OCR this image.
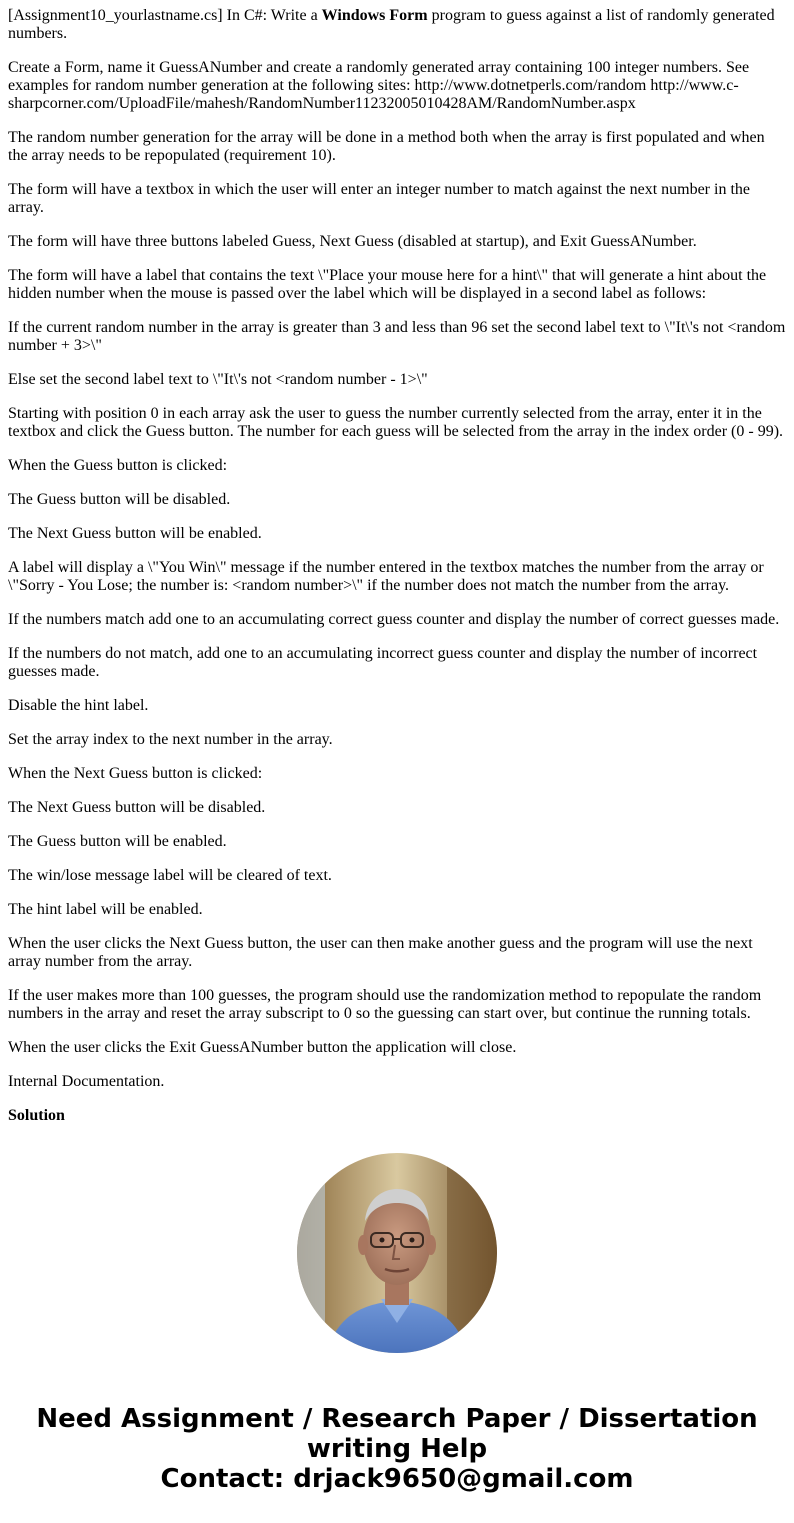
[Assignment10_yourlastname.cs] In C#: Write a Windows Form program to guess against a list of randomly generated numbers.

Create a Form, name it GuessANumber and create a randomly generated array containing 100 integer numbers. See examples for random number generation at the following sites: http://www.dotnetperls.com/random http://www.c-sharpcorner.com/UploadFile/mahesh/RandomNumber11232005010428AM/RandomNumber.aspx

The random number generation for the array will be done in a method both when the array is first populated and when the array needs to be repopulated (requirement 10).

The form will have a textbox in which the user will enter an integer number to match against the next number in the array.

The form will have three buttons labeled Guess, Next Guess (disabled at startup), and Exit GuessANumber.

The form will have a label that contains the text \"Place your mouse here for a hint\" that will generate a hint about the hidden number when the mouse is passed over the label which will be displayed in a second label as follows:

If the current random number in the array is greater than 3 and less than 96 set the second label text to \"It\'s not <random number + 3>\"

Else set the second label text to \"It\'s not <random number - 1>\"

Starting with position 0 in each array ask the user to guess the number currently selected from the array, enter it in the textbox and click the Guess button. The number for each guess will be selected from the array in the index order (0 - 99).

When the Guess button is clicked:

The Guess button will be disabled.

The Next Guess button will be enabled.

A label will display a \"You Win\" message if the number entered in the textbox matches the number from the array or \"Sorry - You Lose; the number is: <random number>\" if the number does not match the number from the array.

If the numbers match add one to an accumulating correct guess counter and display the number of correct guesses made.

If the numbers do not match, add one to an accumulating incorrect guess counter and display the number of incorrect guesses made.

Disable the hint label.

Set the array index to the next number in the array.

When the Next Guess button is clicked:

The Next Guess button will be disabled.

The Guess button will be enabled.

The win/lose message label will be cleared of text.

The hint label will be enabled.

When the user clicks the Next Guess button, the user can then make another guess and the program will use the next array number from the array.

If the user makes more than 100 guesses, the program should use the randomization method to repopulate the random numbers in the array and reset the array subscript to 0 so the guessing can start over, but continue the running totals.

When the user clicks the Exit GuessANumber button the application will close.

Internal Documentation.

Solution
Need Assignment / Research Paper / Dissertation
writing Help
Contact: drjack9650@gmail.com
